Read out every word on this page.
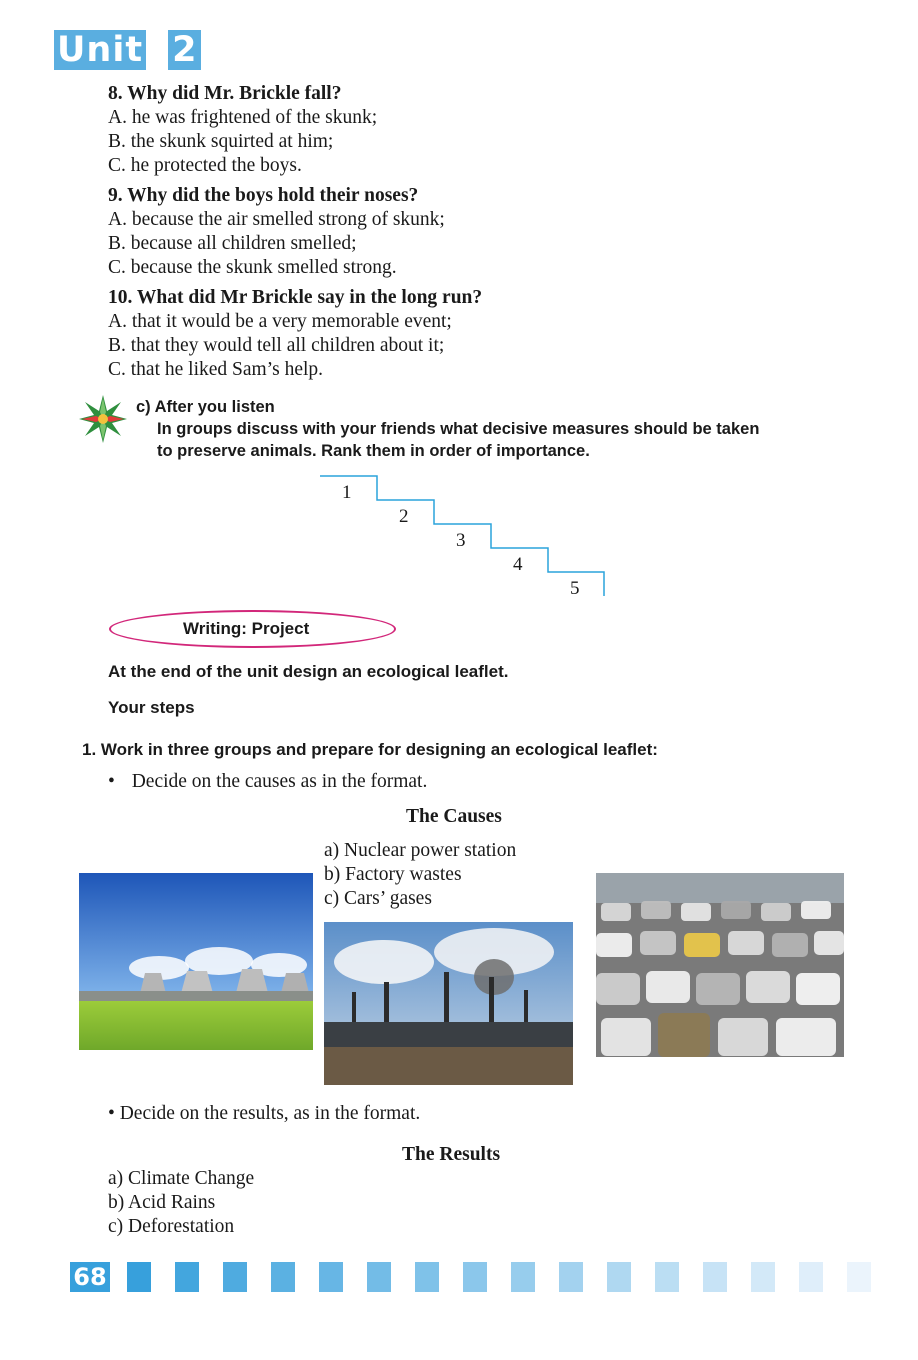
Unit 2
8. Why did Mr. Brickle fall?
A. he was frightened of the skunk;
B. the skunk squirted at him;
C. he protected the boys.
9. Why did the boys hold their noses?
A. because the air smelled strong of skunk;
B. because all children smelled;
C. because the skunk smelled strong.
10. What did Mr Brickle say in the long run?
A. that it would be a very memorable event;
B. that they would tell all children about it;
C. that he liked Sam’s help.
c) After you listen
In groups discuss with your friends what decisive measures should be taken
to preserve animals. Rank them in order of importance.
1
2
3
4
5
Writing: Project
At the end of the unit design an ecological leaflet.
Your steps
1. Work in three groups and prepare for designing an ecological leaflet:
• Decide on the causes as in the format.
The Causes
a) Nuclear power station
b) Factory wastes
c) Cars’ gases
• Decide on the results, as in the format.
The Results
a) Climate Change
b) Acid Rains
c) Deforestation
68
